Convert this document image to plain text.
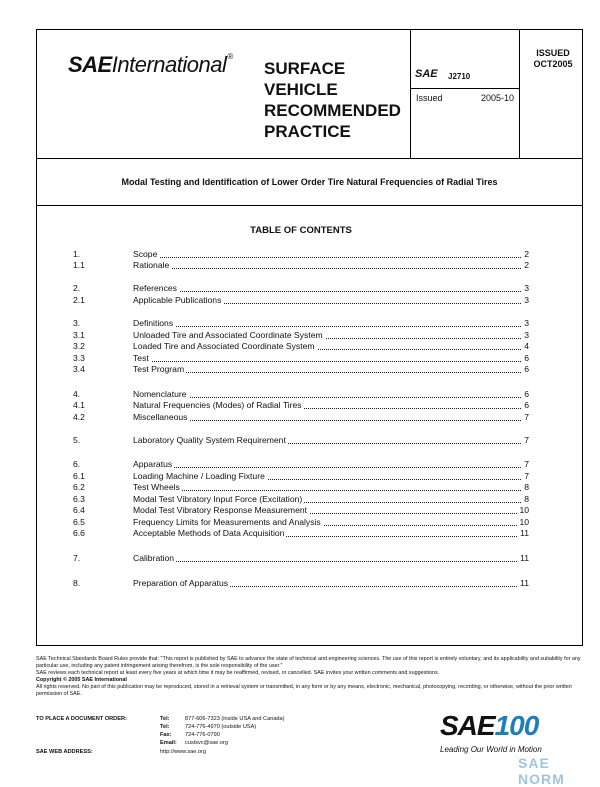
SAEInternational®
SURFACE
VEHICLE
RECOMMENDED
PRACTICE
SAE J2710
Issued	2005-10
ISSUED
OCT2005
Modal Testing and Identification of Lower Order Tire Natural Frequencies of Radial Tires
TABLE OF CONTENTS
1.	Scope	2
1.1	Rationale	2
2.	References	3
2.1	Applicable Publications	3
3.	Definitions	3
3.1	Unloaded Tire and Associated Coordinate System	3
3.2	Loaded Tire and Associated Coordinate System	4
3.3	Test	6
3.4	Test Program	6
4.	Nomenclature	6
4.1	Natural Frequencies (Modes) of Radial Tires	6
4.2	Miscellaneous	7
5.	Laboratory Quality System Requirement	7
6.	Apparatus	7
6.1	Loading Machine / Loading Fixture	7
6.2	Test Wheels	8
6.3	Modal Test Vibratory Input Force (Excitation)	8
6.4	Modal Test Vibratory Response Measurement	10
6.5	Frequency Limits for Measurements and Analysis	10
6.6	Acceptable Methods of Data Acquisition	11
7.	Calibration	11
8.	Preparation of Apparatus	11
SAE Technical Standards Board Rules provide that: "This report is published by SAE to advance the state of technical and engineering sciences. The use of this report is entirely voluntary, and its applicability and suitability for any particular use, including any patent infringement arising therefrom, is the sole responsibility of the user."
SAE reviews each technical report at least every five years at which time it may be reaffirmed, revised, or cancelled. SAE invites your written comments and suggestions.
Copyright © 2005 SAE International
All rights reserved. No part of this publication may be reproduced, stored in a retrieval system or transmitted, in any form or by any means, electronic, mechanical, photocopying, recording, or otherwise, without the prior written permission of SAE.
TO PLACE A DOCUMENT ORDER:	Tel:	877-606-7323 (inside USA and Canada)
Tel:	724-776-4970 (outside USA)
Fax: 724-776-0790
Email: custsvc@sae.org
SAE WEB ADDRESS:	http://www.sae.org
SAE100
Leading Our World in Motion
SAE NORM
